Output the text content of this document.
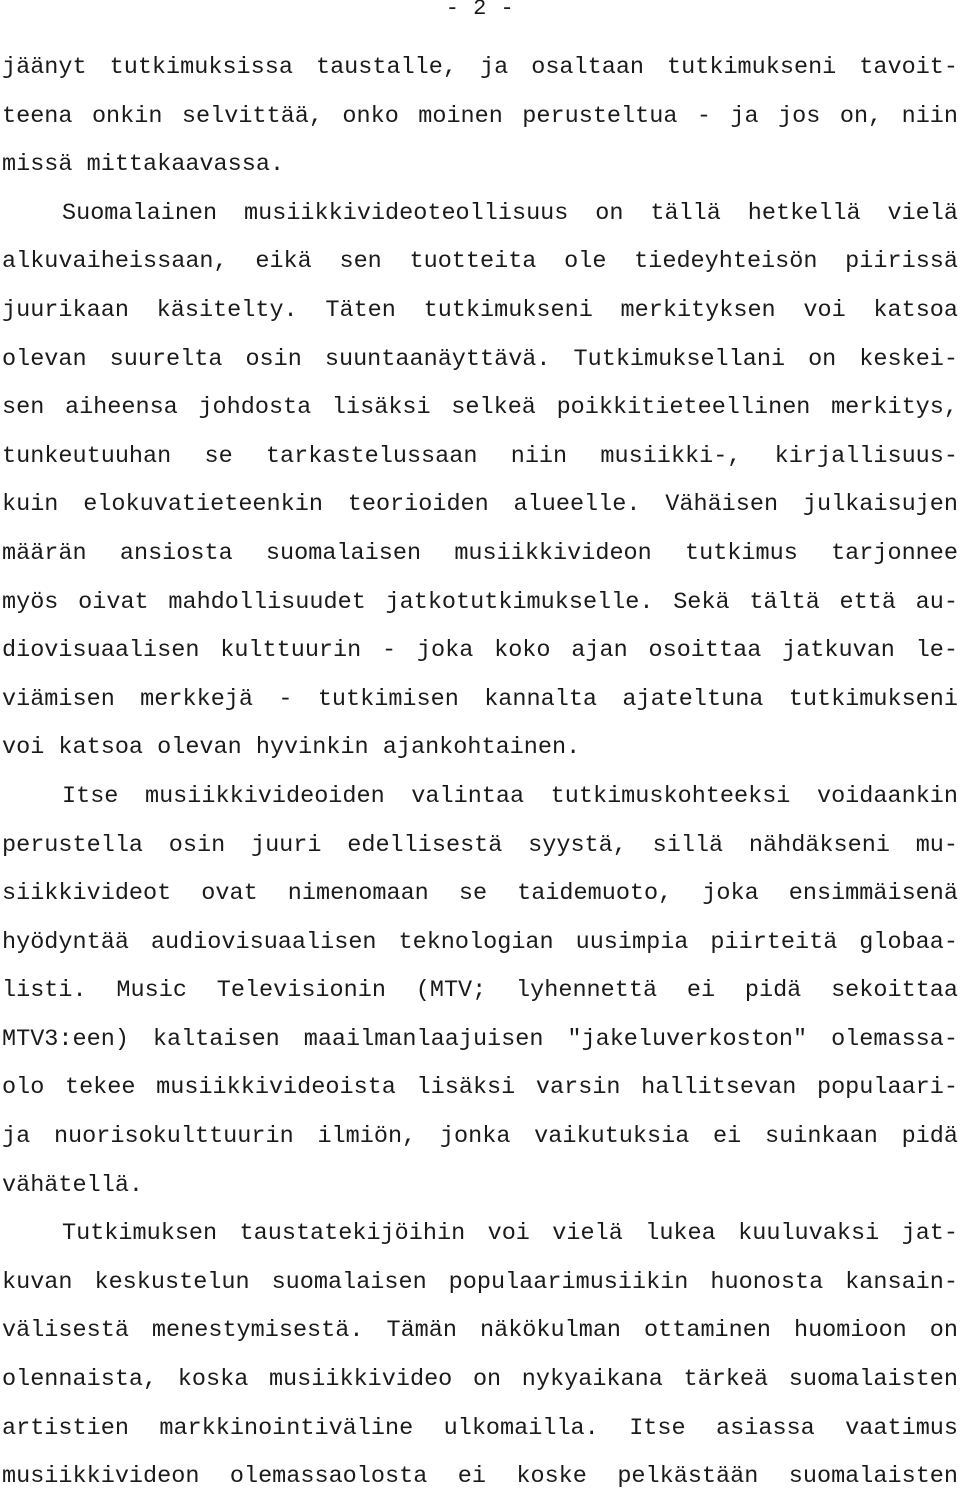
- 2 -
jäänyt tutkimuksissa taustalle, ja osaltaan tutkimukseni tavoit-
teena onkin selvittää, onko moinen perusteltua - ja jos on, niin
missä mittakaavassa.
Suomalainen musiikkivideoteollisuus on tällä hetkellä vielä
alkuvaiheissaan, eikä sen tuotteita ole tiedeyhteisön piirissä
juurikaan käsitelty. Täten tutkimukseni merkityksen voi katsoa
olevan suurelta osin suuntaanäyttävä. Tutkimuksellani on keskei-
sen aiheensa johdosta lisäksi selkeä poikkitieteellinen merkitys,
tunkeutuuhan se tarkastelussaan niin musiikki-, kirjallisuus-
kuin elokuvatieteenkin teorioiden alueelle. Vähäisen julkaisujen
määrän ansiosta suomalaisen musiikkivideon tutkimus tarjonnee
myös oivat mahdollisuudet jatkotutkimukselle. Sekä tältä että au-
diovisuaalisen kulttuurin - joka koko ajan osoittaa jatkuvan le-
viämisen merkkejä - tutkimisen kannalta ajateltuna tutkimukseni
voi katsoa olevan hyvinkin ajankohtainen.
Itse musiikkivideoiden valintaa tutkimuskohteeksi voidaankin
perustella osin juuri edellisestä syystä, sillä nähdäkseni mu-
siikkivideot ovat nimenomaan se taidemuoto, joka ensimmäisenä
hyödyntää audiovisuaalisen teknologian uusimpia piirteitä globaa-
listi. Music Televisionin (MTV; lyhennettä ei pidä sekoittaa
MTV3:een) kaltaisen maailmanlaajuisen "jakeluverkoston" olemassa-
olo tekee musiikkivideoista lisäksi varsin hallitsevan populaari-
ja nuorisokulttuurin ilmiön, jonka vaikutuksia ei suinkaan pidä
vähätellä.
Tutkimuksen taustatekijöihin voi vielä lukea kuuluvaksi jat-
kuvan keskustelun suomalaisen populaarimusiikin huonosta kansain-
välisestä menestymisestä. Tämän näkökulman ottaminen huomioon on
olennaista, koska musiikkivideo on nykyaikana tärkeä suomalaisten
artistien markkinointiväline ulkomailla. Itse asiassa vaatimus
musiikkivideon olemassaolosta ei koske pelkästään suomalaisten
